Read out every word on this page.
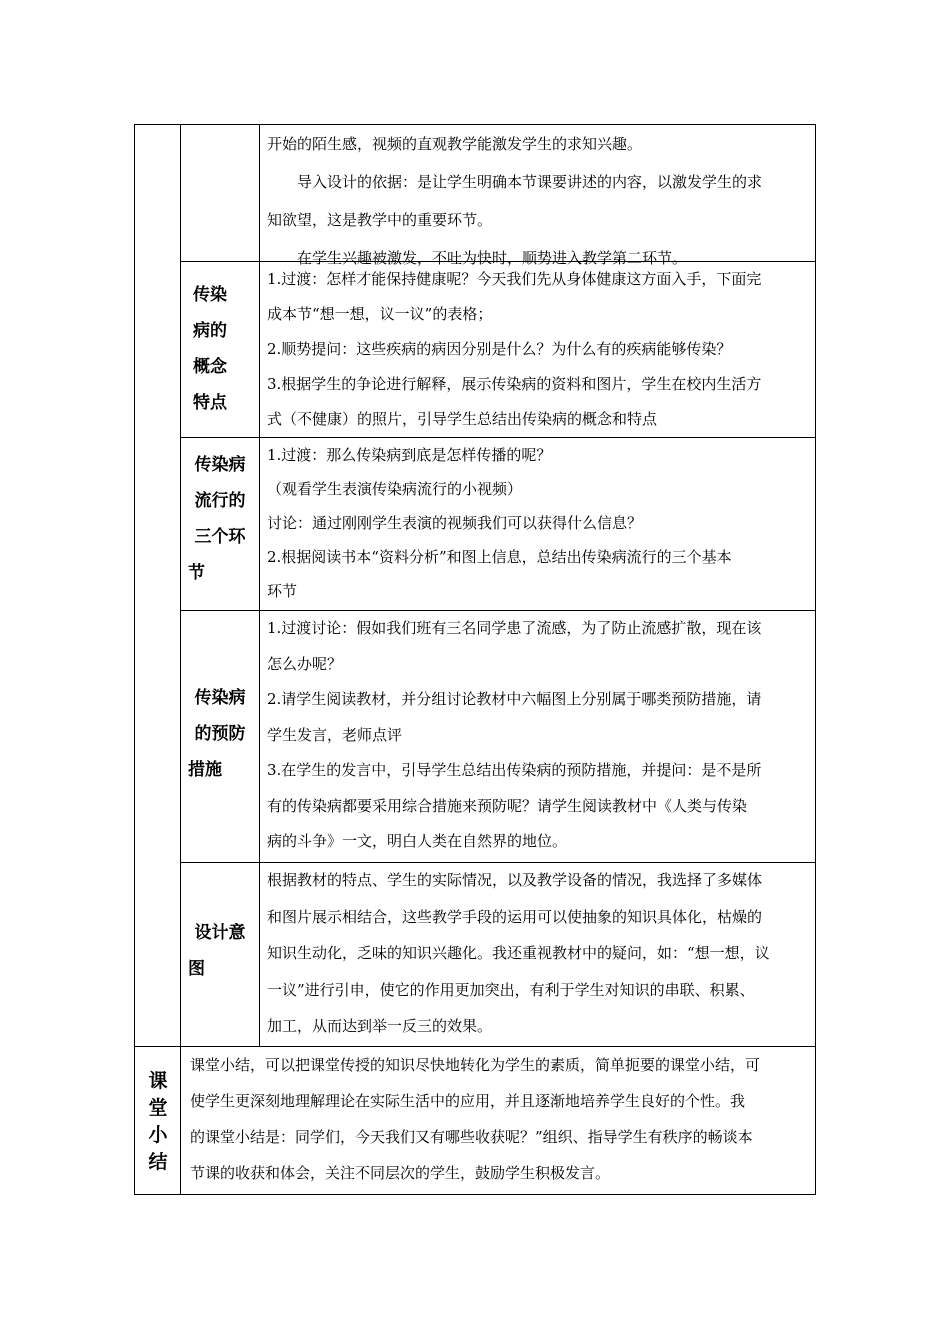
开始的陌生感，视频的直观教学能激发学生的求知兴趣。

　　导入设计的依据：是让学生明确本节课要讲述的内容，以激发学生的求

知欲望，这是教学中的重要环节。

　　在学生兴趣被激发，不吐为快时，顺势进入教学第二环节。

传染

病的

概念

特点

1.过渡：怎样才能保持健康呢？今天我们先从身体健康这方面入手，下面完

成本节“想一想，议一议”的表格；

2.顺势提问：这些疾病的病因分别是什么？为什么有的疾病能够传染？

3.根据学生的争论进行解释，展示传染病的资料和图片，学生在校内生活方

式（不健康）的照片，引导学生总结出传染病的概念和特点

传染病

流行的

三个环

节

1.过渡：那么传染病到底是怎样传播的呢？

（观看学生表演传染病流行的小视频）

讨论：通过刚刚学生表演的视频我们可以获得什么信息？

2.根据阅读书本“资料分析”和图上信息，总结出传染病流行的三个基本

环节

传染病

的预防

措施

1.过渡讨论：假如我们班有三名同学患了流感，为了防止流感扩散，现在该

怎么办呢？

2.请学生阅读教材，并分组讨论教材中六幅图上分别属于哪类预防措施，请

学生发言，老师点评

3.在学生的发言中，引导学生总结出传染病的预防措施，并提问：是不是所

有的传染病都要采用综合措施来预防呢？请学生阅读教材中《人类与传染

病的斗争》一文，明白人类在自然界的地位。

设计意

图

根据教材的特点、学生的实际情况，以及教学设备的情况，我选择了多媒体

和图片展示相结合，这些教学手段的运用可以使抽象的知识具体化，枯燥的

知识生动化，乏味的知识兴趣化。我还重视教材中的疑问，如：“想一想，议

一议”进行引申，使它的作用更加突出，有利于学生对知识的串联、积累、

加工，从而达到举一反三的效果。

课

堂

小

结

课堂小结，可以把课堂传授的知识尽快地转化为学生的素质，简单扼要的课堂小结，可

使学生更深刻地理解理论在实际生活中的应用，并且逐渐地培养学生良好的个性。我

的课堂小结是：同学们，今天我们又有哪些收获呢？”组织、指导学生有秩序的畅谈本

节课的收获和体会，关注不同层次的学生，鼓励学生积极发言。
